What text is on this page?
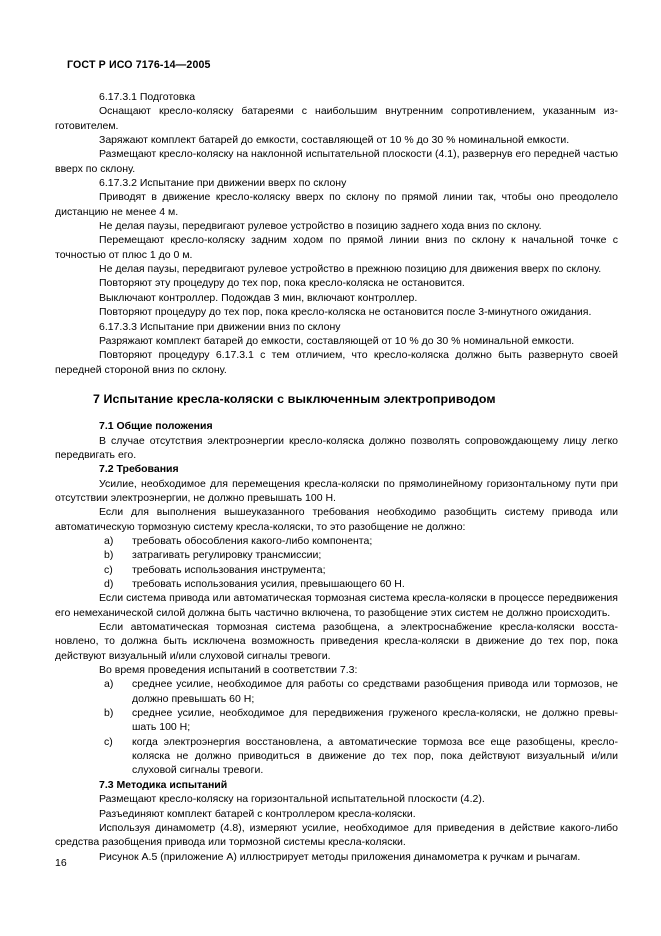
ГОСТ Р ИСО 7176-14—2005

6.17.3.1 Подготовка

Оснащают кресло-коляску батареями с наибольшим внутренним сопротивлением, указанным изготовителем.

Заряжают комплект батарей до емкости, составляющей от 10 % до 30 % номинальной емкости.

Размещают кресло-коляску на наклонной испытательной плоскости (4.1), развернув его передней частью вверх по склону.

6.17.3.2 Испытание при движении вверх по склону

Приводят в движение кресло-коляску вверх по склону по прямой линии так, чтобы оно преодолело дистанцию не менее 4 м.

Не делая паузы, передвигают рулевое устройство в позицию заднего хода вниз по склону.

Перемещают кресло-коляску задним ходом по прямой линии вниз по склону к начальной точке с точностью от плюс 1 до 0 м.

Не делая паузы, передвигают рулевое устройство в прежнюю позицию для движения вверх по склону.

Повторяют эту процедуру до тех пор, пока кресло-коляска не остановится.

Выключают контроллер. Подождав 3 мин, включают контроллер.

Повторяют процедуру до тех пор, пока кресло-коляска не остановится после 3-минутного ожидания.

6.17.3.3 Испытание при движении вниз по склону

Разряжают комплект батарей до емкости, составляющей от 10 % до 30 % номинальной емкости.

Повторяют процедуру 6.17.3.1 с тем отличием, что кресло-коляска должно быть развернуто своей передней стороной вниз по склону.

7 Испытание кресла-коляски с выключенным электроприводом

7.1 Общие положения

В случае отсутствия электроэнергии кресло-коляска должно позволять сопровождающему лицу легко передвигать его.

7.2 Требования

Усилие, необходимое для перемещения кресла-коляски по прямолинейному горизонтальному пути при отсутствии электроэнергии, не должно превышать 100 Н.

Если для выполнения вышеуказанного требования необходимо разобщить систему привода или автоматическую тормозную систему кресла-коляски, то это разобщение не должно:

a)	требовать обособления какого-либо компонента;
b)	затрагивать регулировку трансмиссии;
c)	требовать использования инструмента;
d)	требовать использования усилия, превышающего 60 Н.

Если система привода или автоматическая тормозная система кресла-коляски в процессе передвижения его немеханической силой должна быть частично включена, то разобщение этих систем не должно происходить.

Если автоматическая тормозная система разобщена, а электроснабжение кресла-коляски восстановлено, то должна быть исключена возможность приведения кресла-коляски в движение до тех пор, пока действуют визуальный и/или слуховой сигналы тревоги.

Во время проведения испытаний в соответствии 7.3:

a)	среднее усилие, необходимое для работы со средствами разобщения привода или тормозов, не должно превышать 60 Н;
b)	среднее усилие, необходимое для передвижения груженого кресла-коляски, не должно превышать 100 Н;
c)	когда электроэнергия восстановлена, а автоматические тормоза все еще разобщены, кресло-коляска не должно приводиться в движение до тех пор, пока действуют визуальный и/или слуховой сигналы тревоги.

7.3 Методика испытаний

Размещают кресло-коляску на горизонтальной испытательной плоскости (4.2).

Разъединяют комплект батарей с контроллером кресла-коляски.

Используя динамометр (4.8), измеряют усилие, необходимое для приведения в действие какого-либо средства разобщения привода или тормозной системы кресла-коляски.

Рисунок А.5 (приложение А) иллюстрирует методы приложения динамометра к ручкам и рычагам.

16
